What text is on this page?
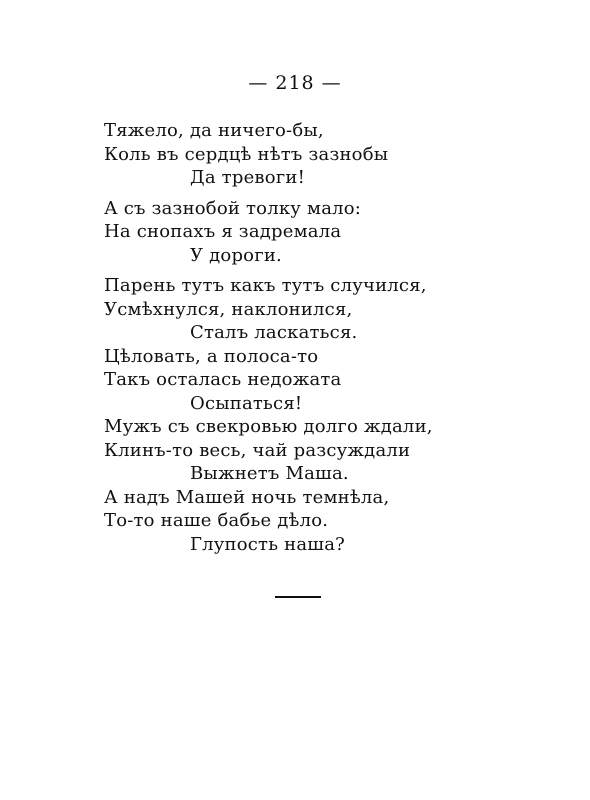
— 218 —
Тяжело, да ничего-бы,
Коль въ сердцѣ нѣтъ зазнобы
Да тревоги!
А съ зазнобой толку мало:
На снопахъ я задремала
У дороги.
Парень тутъ какъ тутъ случился,
Усмѣхнулся, наклонился,
Сталъ ласкаться.
Цѣловать, а полоса-то
Такъ осталась недожата
Осыпаться!
Мужъ съ свекровью долго ждали,
Клинъ-то весь, чай разсуждали
Выжнетъ Маша.
А надъ Машей ночь темнѣла,
То-то наше бабье дѣло.
Глупость наша?
